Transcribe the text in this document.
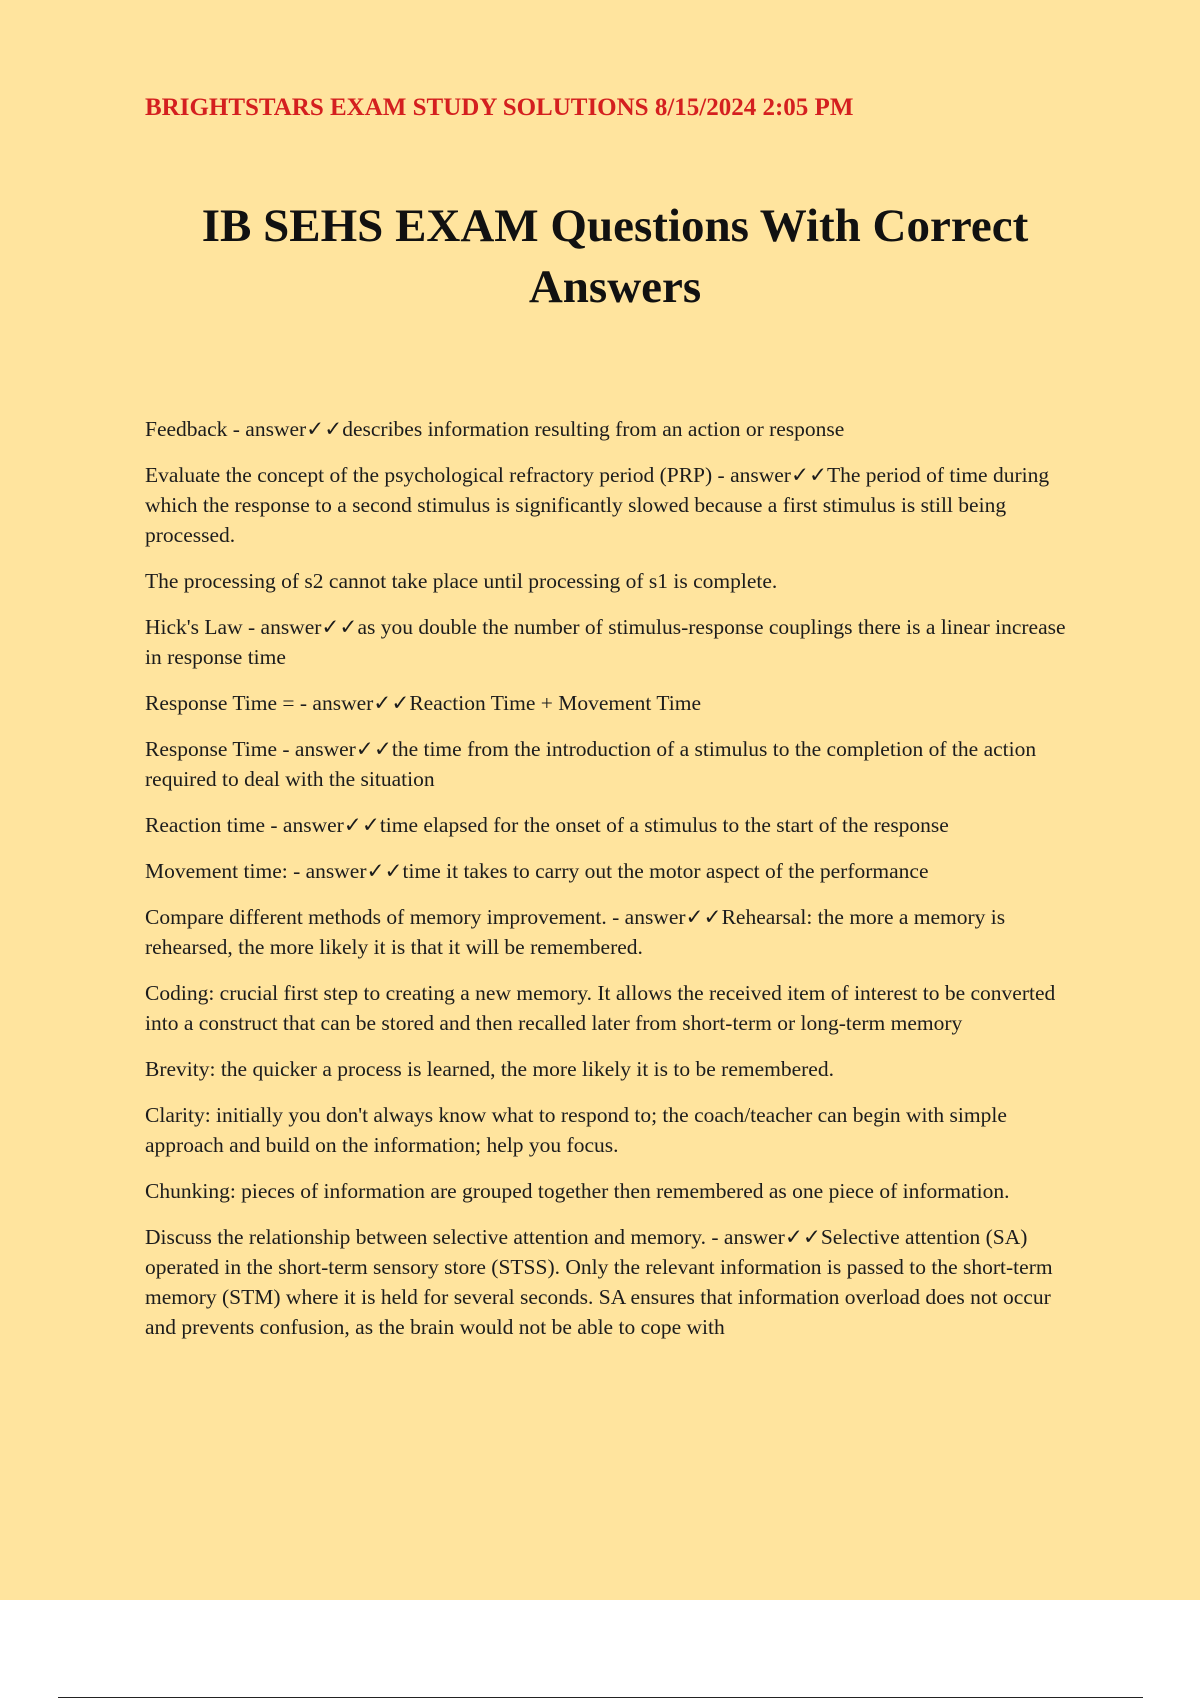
BRIGHTSTARS EXAM STUDY SOLUTIONS 8/15/2024 2:05 PM
IB SEHS EXAM Questions With Correct
Answers

Feedback - answer✓✓describes information resulting from an action or response

Evaluate the concept of the psychological refractory period (PRP) - answer✓✓The period of time during which the response to a second stimulus is significantly slowed because a first stimulus is still being processed.

The processing of s2 cannot take place until processing of s1 is complete.

Hick's Law - answer✓✓as you double the number of stimulus-response couplings there is a linear increase in response time

Response Time = - answer✓✓Reaction Time + Movement Time

Response Time - answer✓✓the time from the introduction of a stimulus to the completion of the action required to deal with the situation

Reaction time - answer✓✓time elapsed for the onset of a stimulus to the start of the response

Movement time: - answer✓✓time it takes to carry out the motor aspect of the performance

Compare different methods of memory improvement. - answer✓✓Rehearsal: the more a memory is rehearsed, the more likely it is that it will be remembered.

Coding: crucial first step to creating a new memory. It allows the received item of interest to be converted into a construct that can be stored and then recalled later from short-term or long-term memory

Brevity: the quicker a process is learned, the more likely it is to be remembered.

Clarity: initially you don't always know what to respond to; the coach/teacher can begin with simple approach and build on the information; help you focus.

Chunking: pieces of information are grouped together then remembered as one piece of information.

Discuss the relationship between selective attention and memory. - answer✓✓Selective attention (SA) operated in the short-term sensory store (STSS). Only the relevant information is passed to the short-term memory (STM) where it is held for several seconds. SA ensures that information overload does not occur and prevents confusion, as the brain would not be able to cope with
